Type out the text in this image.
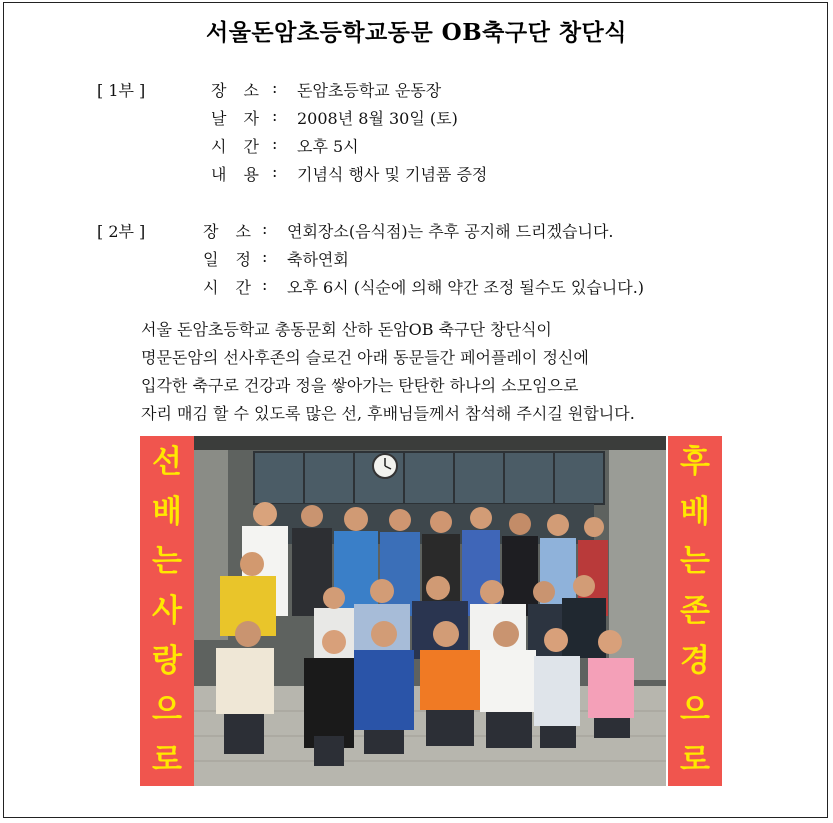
서울돈암초등학교동문 OB축구단 창단식
[ 1부 ]	장 소 : 돈암초등학교 운동장
날 자 : 2008년 8월 30일 (토)
시 간 : 오후 5시
내 용 : 기념식 행사 및 기념품 증정
[ 2부 ]	장 소 : 연회장소(음식점)는 추후 공지해 드리겠습니다.
일 정 : 축하연회
시 간 : 오후 6시 (식순에 의해 약간 조정 될수도 있습니다.)
서울 돈암초등학교 총동문회 산하 돈암OB 축구단 창단식이
명문돈암의 선사후존의 슬로건 아래 동문들간 페어플레이 정신에
입각한 축구로 건강과 정을 쌓아가는 탄탄한 하나의 소모임으로
자리 매김 할 수 있도록 많은 선, 후배님들께서 참석해 주시길 원합니다.
선
배
는
사
랑
으
로
후
배
는
존
경
으
로
